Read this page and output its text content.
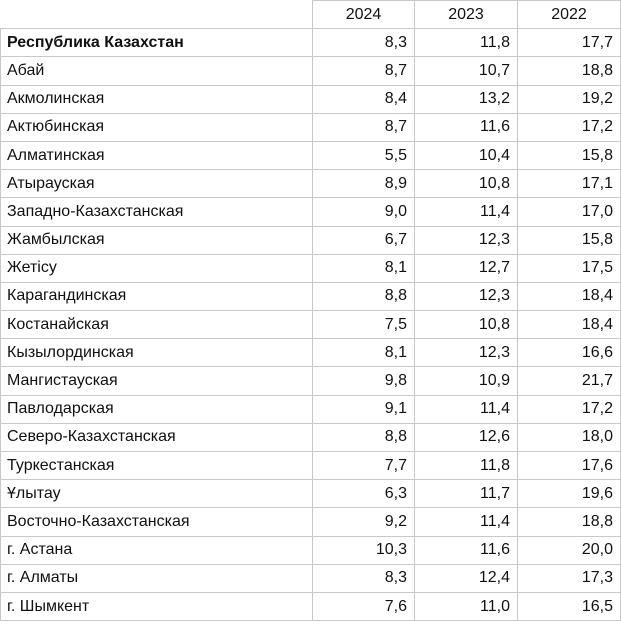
	2024	2023	2022
Республика Казахстан	8,3	11,8	17,7
Абай	8,7	10,7	18,8
Акмолинская	8,4	13,2	19,2
Актюбинская	8,7	11,6	17,2
Алматинская	5,5	10,4	15,8
Атырауская	8,9	10,8	17,1
Западно-Казахстанская	9,0	11,4	17,0
Жамбылская	6,7	12,3	15,8
Жетісу	8,1	12,7	17,5
Карагандинская	8,8	12,3	18,4
Костанайская	7,5	10,8	18,4
Кызылординская	8,1	12,3	16,6
Мангистауская	9,8	10,9	21,7
Павлодарская	9,1	11,4	17,2
Северо-Казахстанская	8,8	12,6	18,0
Туркестанская	7,7	11,8	17,6
Ұлытау	6,3	11,7	19,6
Восточно-Казахстанская	9,2	11,4	18,8
г. Астана	10,3	11,6	20,0
г. Алматы	8,3	12,4	17,3
г. Шымкент	7,6	11,0	16,5
